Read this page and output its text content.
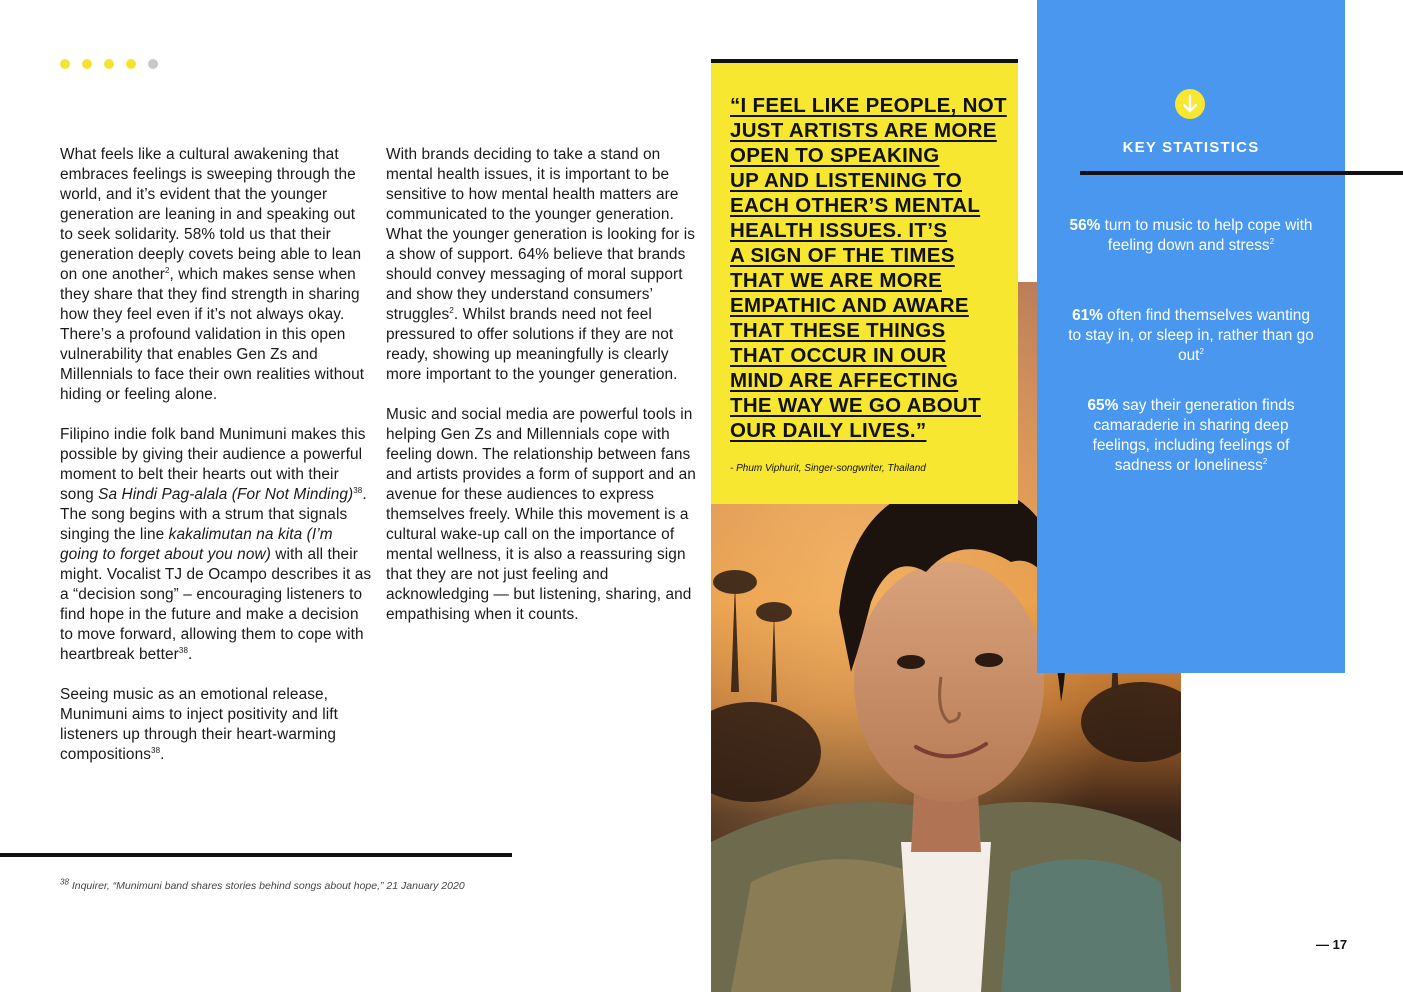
What feels like a cultural awakening that embraces feelings is sweeping through the world, and it’s evident that the younger generation are leaning in and speaking out to seek solidarity. 58% told us that their generation deeply covets being able to lean on one another$^2$, which makes sense when they share that they find strength in sharing how they feel even if it’s not always okay. There’s a profound validation in this open vulnerability that enables Gen Zs and Millennials to face their own realities without hiding or feeling alone.

Filipino indie folk band Munimuni makes this possible by giving their audience a powerful moment to belt their hearts out with their song Sa Hindi Pag-alala (For Not Minding)$^{38}$. The song begins with a strum that signals singing the line kakalimutan na kita (I’m going to forget about you now) with all their might. Vocalist TJ de Ocampo describes it as a “decision song” – encouraging listeners to find hope in the future and make a decision to move forward, allowing them to cope with heartbreak better$^{38}$.

Seeing music as an emotional release, Munimuni aims to inject positivity and lift listeners up through their heart-warming compositions$^{38}$.

With brands deciding to take a stand on mental health issues, it is important to be sensitive to how mental health matters are communicated to the younger generation. What the younger generation is looking for is a show of support. 64% believe that brands should convey messaging of moral support and show they understand consumers’ struggles$^2$. Whilst brands need not feel pressured to offer solutions if they are not ready, showing up meaningfully is clearly more important to the younger generation.

Music and social media are powerful tools in helping Gen Zs and Millennials cope with feeling down. The relationship between fans and artists provides a form of support and an avenue for these audiences to express themselves freely. While this movement is a cultural wake-up call on the importance of mental wellness, it is also a reassuring sign that they are not just feeling and acknowledging — but listening, sharing, and empathising when it counts.

$^{38}$ Inquirer, “Munimuni band shares stories behind songs about hope,” 21 January 2020

“I FEEL LIKE PEOPLE, NOT
JUST ARTISTS ARE MORE
OPEN TO SPEAKING
UP AND LISTENING TO
EACH OTHER’S MENTAL
HEALTH ISSUES. IT’S
A SIGN OF THE TIMES
THAT WE ARE MORE
EMPATHIC AND AWARE
THAT THESE THINGS
THAT OCCUR IN OUR
MIND ARE AFFECTING
THE WAY WE GO ABOUT
OUR DAILY LIVES.”

- Phum Viphurit, Singer-songwriter, Thailand
KEY STATISTICS
56% turn to music to help cope with feeling down and stress$^2$
61% often find themselves wanting to stay in, or sleep in, rather than go out$^2$
65% say their generation finds camaraderie in sharing deep feelings, including feelings of sadness or loneliness$^2$
— 17
